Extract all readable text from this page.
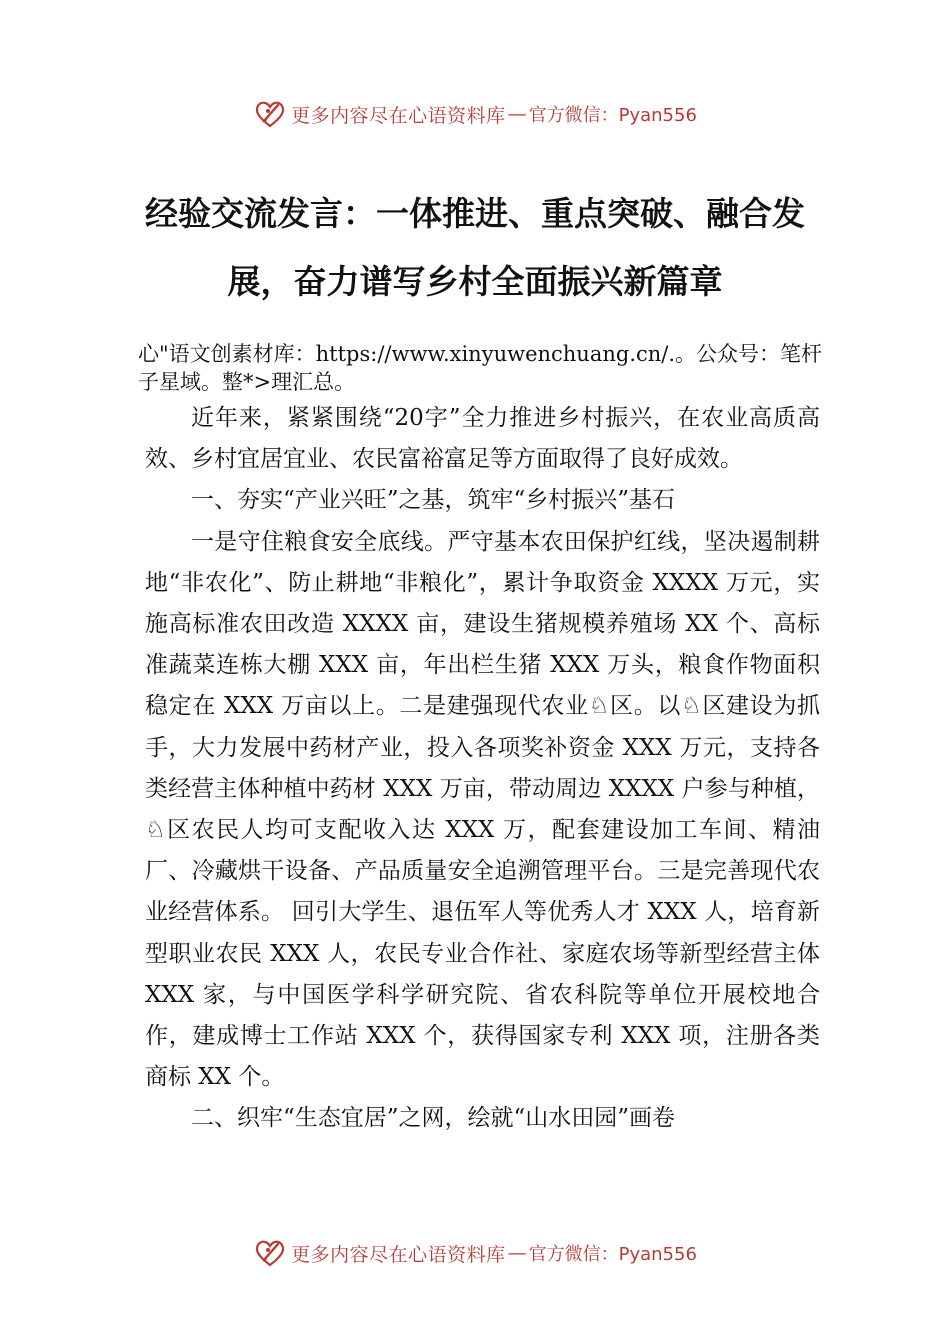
更多内容尽在心语资料库 — 官方微信：Pyan556
经验交流发言：一体推进、重点突破、融合发展，奋力谱写乡村全面振兴新篇章
心"语文创素材库：https://www.xinyuwenchuang.cn/.。公众号：笔杆子星域。整*>理汇总。

近年来，紧紧围绕“20字”全力推进乡村振兴，在农业高质高效、乡村宜居宜业、农民富裕富足等方面取得了良好成效。

一、夯实“产业兴旺”之基，筑牢“乡村振兴”基石

一是守住粮食安全底线。严守基本农田保护红线，坚决遏制耕地“非农化”、防止耕地“非粮化”，累计争取资金 XXXX 万元，实施高标准农田改造 XXXX 亩，建设生猪规模养殖场 XX 个、高标准蔬菜连栋大棚 XXX 亩，年出栏生猪 XXX 万头，粮食作物面积稳定在 XXX 万亩以上。二是建强现代农业♘区。以♘区建设为抓手，大力发展中药材产业，投入各项奖补资金 XXX 万元，支持各类经营主体种植中药材 XXX 万亩，带动周边 XXXX 户参与种植，♘区农民人均可支配收入达 XXX 万，配套建设加工车间、精油厂、冷藏烘干设备、产品质量安全追溯管理平台。三是完善现代农业经营体系。 回引大学生、退伍军人等优秀人才 XXX 人，培育新型职业农民 XXX 人，农民专业合作社、家庭农场等新型经营主体 XXX 家，与中国医学科学研究院、省农科院等单位开展校地合作，建成博士工作站 XXX 个，获得国家专利 XXX 项，注册各类商标 XX 个。

二、织牢“生态宜居”之网，绘就“山水田园”画卷

更多内容尽在心语资料库 — 官方微信：Pyan556
